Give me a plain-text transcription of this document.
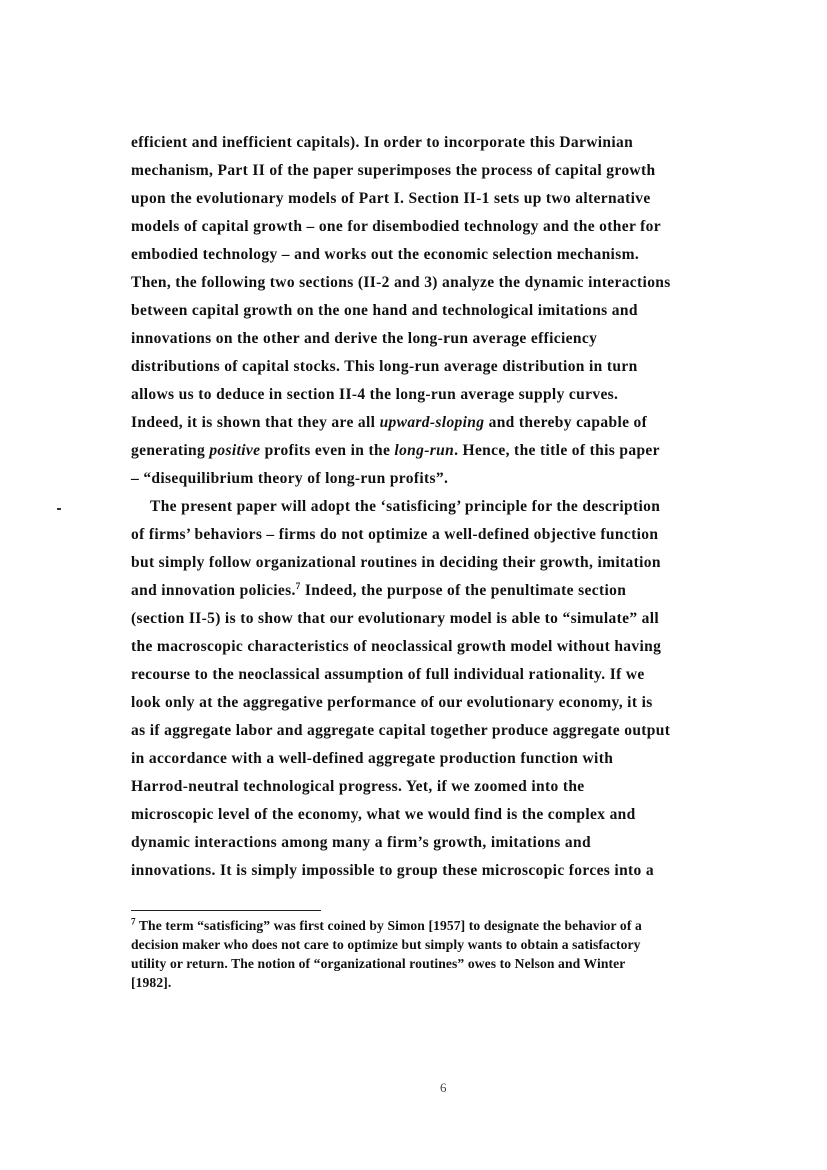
efficient and inefficient capitals). In order to incorporate this Darwinian
mechanism, Part II of the paper superimposes the process of capital growth
upon the evolutionary models of Part I. Section II-1 sets up two alternative
models of capital growth – one for disembodied technology and the other for
embodied technology – and works out the economic selection mechanism.
Then, the following two sections (II-2 and 3) analyze the dynamic interactions
between capital growth on the one hand and technological imitations and
innovations on the other and derive the long-run average efficiency
distributions of capital stocks. This long-run average distribution in turn
allows us to deduce in section II-4 the long-run average supply curves.
Indeed, it is shown that they are all upward-sloping and thereby capable of
generating positive profits even in the long-run. Hence, the title of this paper
– “disequilibrium theory of long-run profits”.
The present paper will adopt the ‘satisficing’ principle for the description
of firms’ behaviors – firms do not optimize a well-defined objective function
but simply follow organizational routines in deciding their growth, imitation
and innovation policies.$^7$ Indeed, the purpose of the penultimate section
(section II-5) is to show that our evolutionary model is able to “simulate” all
the macroscopic characteristics of neoclassical growth model without having
recourse to the neoclassical assumption of full individual rationality. If we
look only at the aggregative performance of our evolutionary economy, it is
as if aggregate labor and aggregate capital together produce aggregate output
in accordance with a well-defined aggregate production function with
Harrod-neutral technological progress. Yet, if we zoomed into the
microscopic level of the economy, what we would find is the complex and
dynamic interactions among many a firm’s growth, imitations and
innovations. It is simply impossible to group these microscopic forces into a
$^7$ The term “satisficing” was first coined by Simon [1957] to designate the behavior of a
decision maker who does not care to optimize but simply wants to obtain a satisfactory
utility or return. The notion of “organizational routines” owes to Nelson and Winter
[1982].
6
